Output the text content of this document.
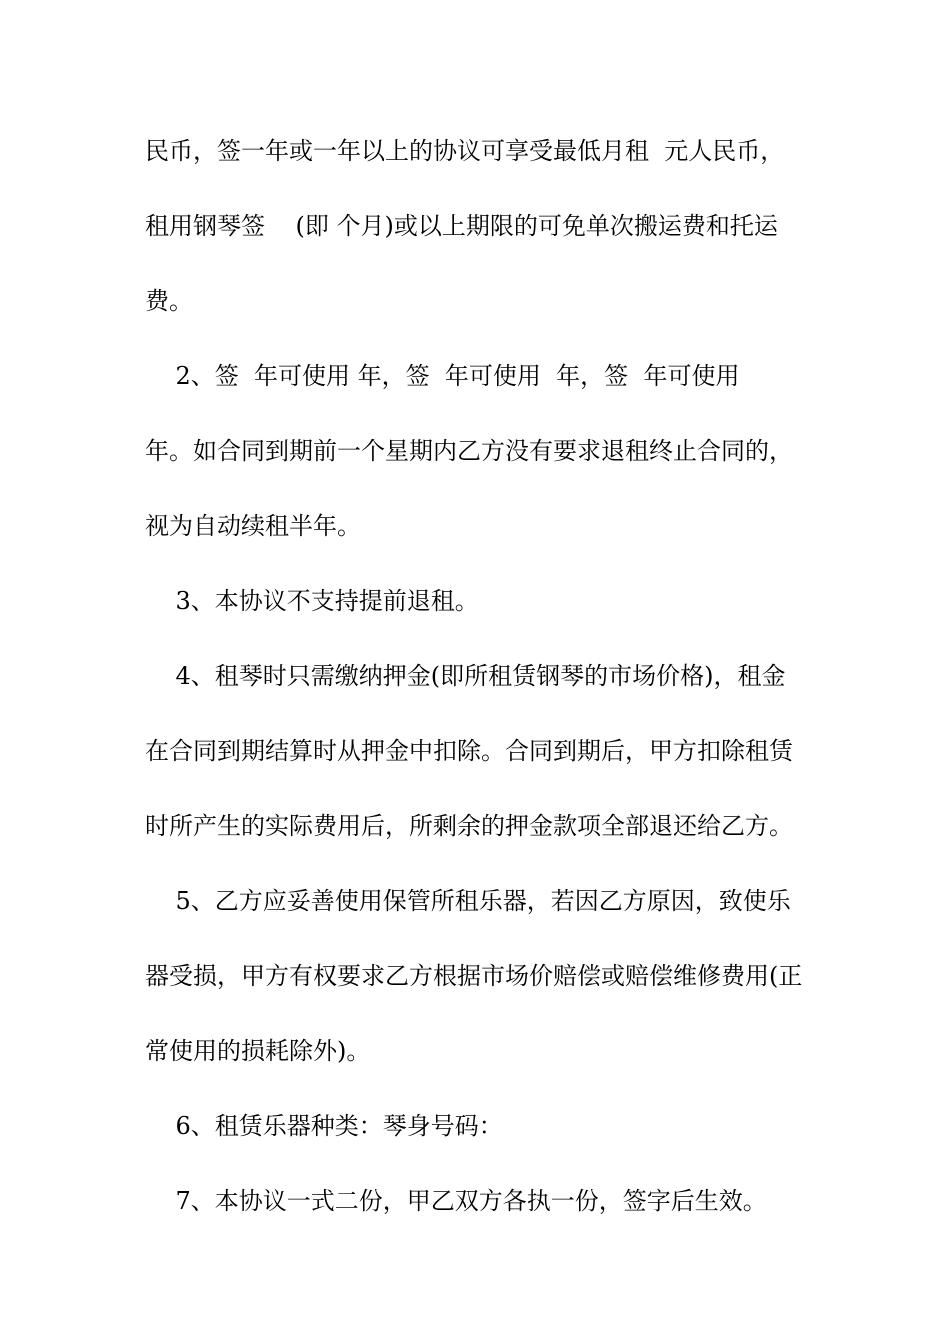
民币，签一年或一年以上的协议可享受最低月租  元人民币，
租用钢琴签    (即 个月)或以上期限的可免单次搬运费和托运
费。
2、签  年可使用 年，签  年可使用  年，签  年可使用
年。如合同到期前一个星期内乙方没有要求退租终止合同的，
视为自动续租半年。
3、本协议不支持提前退租。
4、租琴时只需缴纳押金(即所租赁钢琴的市场价格)，租金
在合同到期结算时从押金中扣除。合同到期后，甲方扣除租赁
时所产生的实际费用后，所剩余的押金款项全部退还给乙方。
5、乙方应妥善使用保管所租乐器，若因乙方原因，致使乐
器受损，甲方有权要求乙方根据市场价赔偿或赔偿维修费用(正
常使用的损耗除外)。
6、租赁乐器种类：琴身号码：
7、本协议一式二份，甲乙双方各执一份，签字后生效。
